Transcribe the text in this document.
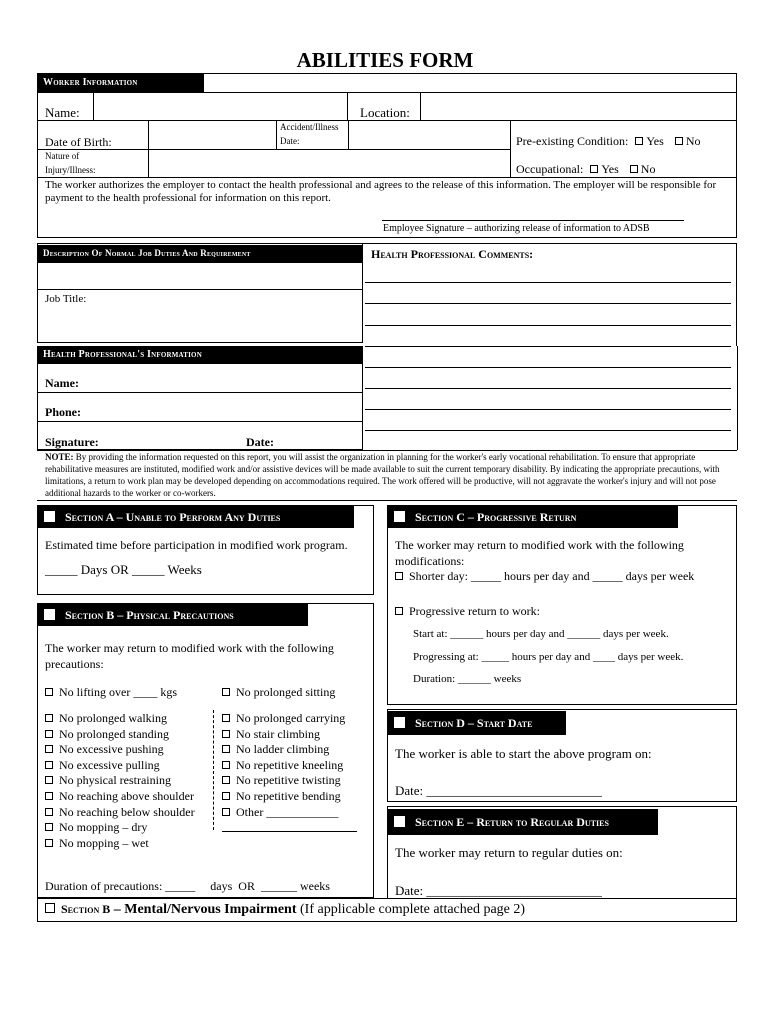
ABILITIES FORM
Worker Information
Name:	Location:
Date of Birth:
Accident/Illness
Date:	Pre-existing Condition: Yes No
Nature of
Injury/Illness:	Occupational: Yes No
The worker authorizes the employer to contact the health professional and agrees to the release of this information. The employer will be responsible for payment to the health professional for information on this report.
Employee Signature – authorizing release of information to ADSB
Description Of Normal Job Duties And Requirement
Job Title:
Health Professional Comments:
Health Professional's Information
Name:
Phone:
Signature:	Date:
NOTE: By providing the information requested on this report, you will assist the organization in planning for the worker's early vocational rehabilitation. To ensure that appropriate rehabilitative measures are instituted, modified work and/or assistive devices will be made available to suit the current temporary disability. By indicating the appropriate precautions, with limitations, a return to work plan may be developed depending on accommodations required. The work offered will be productive, will not aggravate the worker's injury and will not pose additional hazards to the worker or co-workers.
Section A – Unable to Perform Any Duties
Estimated time before participation in modified work program.
_____ Days OR _____ Weeks
Section B – Physical Precautions
The worker may return to modified work with the following precautions:
No lifting over ____ kgs	No prolonged sitting
No prolonged walking
No prolonged standing
No excessive pushing
No excessive pulling
No physical restraining
No reaching above shoulder
No reaching below shoulder
No mopping – dry
No mopping – wet
No prolonged carrying
No stair climbing
No ladder climbing
No repetitive kneeling
No repetitive twisting
No repetitive bending
Other ____________
Duration of precautions: _____     days  OR  ______ weeks
Section B – Mental/Nervous Impairment (If applicable complete attached page 2)
Section C – Progressive Return
The worker may return to modified work with the following modifications:
Shorter day: _____ hours per day and _____ days per week
Progressive return to work:
Start at: ______ hours per day and ______ days per week.
Progressing at: _____ hours per day and ____ days per week.
Duration: ______ weeks
Section D – Start Date
The worker is able to start the above program on:
Date: ___________________________
Section E – Return to Regular Duties
The worker may return to regular duties on:
Date: ___________________________
